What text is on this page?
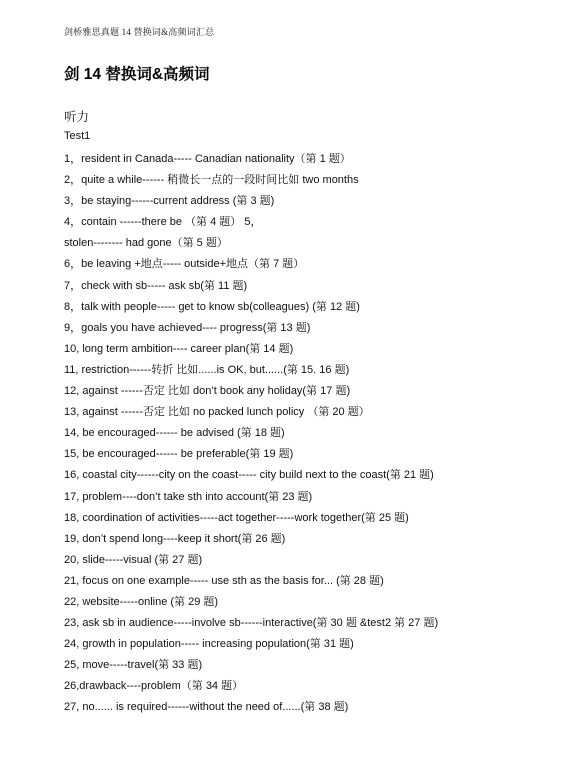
剑桥雅思真题 14 替换词&高频词汇总
剑 14 替换词&高频词
听力
Test1
1，resident in Canada----- Canadian nationality（第 1 题）
2，quite a while------ 稍微长一点的一段时间比如 two months
3，be staying------current address (第 3 题)
4，contain ------there be （第 4 题） 5，
stolen-------- had gone（第 5 题）
6，be leaving +地点----- outside+地点（第 7 题）
7，check with sb----- ask sb(第 11 题)
8，talk with people----- get to know sb(colleagues) (第 12 题)
9，goals you have achieved---- progress(第 13 题)
10, long term ambition---- career plan(第 14 题)
11, restriction------转折 比如......is OK, but......(第 15. 16 题)
12, against ------否定 比如 don’t book any holiday(第 17 题)
13, against ------否定 比如 no packed lunch policy （第 20 题）
14, be encouraged------ be advised (第 18 题)
15, be encouraged------ be preferable(第 19 题)
16, coastal city------city on the coast----- city build next to the coast(第 21 题)
17, problem----don’t take sth into account(第 23 题)
18, coordination of activities-----act together-----work together(第 25 题)
19, don’t spend long----keep it short(第 26 题)
20, slide-----visual (第 27 题)
21, focus on one example----- use sth as the basis for... (第 28 题)
22, website-----online (第 29 题)
23, ask sb in audience-----involve sb------interactive(第 30 题 &test2 第 27 题)
24, growth in population----- increasing population(第 31 题)
25, move-----travel(第 33 题)
26,drawback----problem（第 34 题）
27, no...... is required------without the need of......(第 38 题)
